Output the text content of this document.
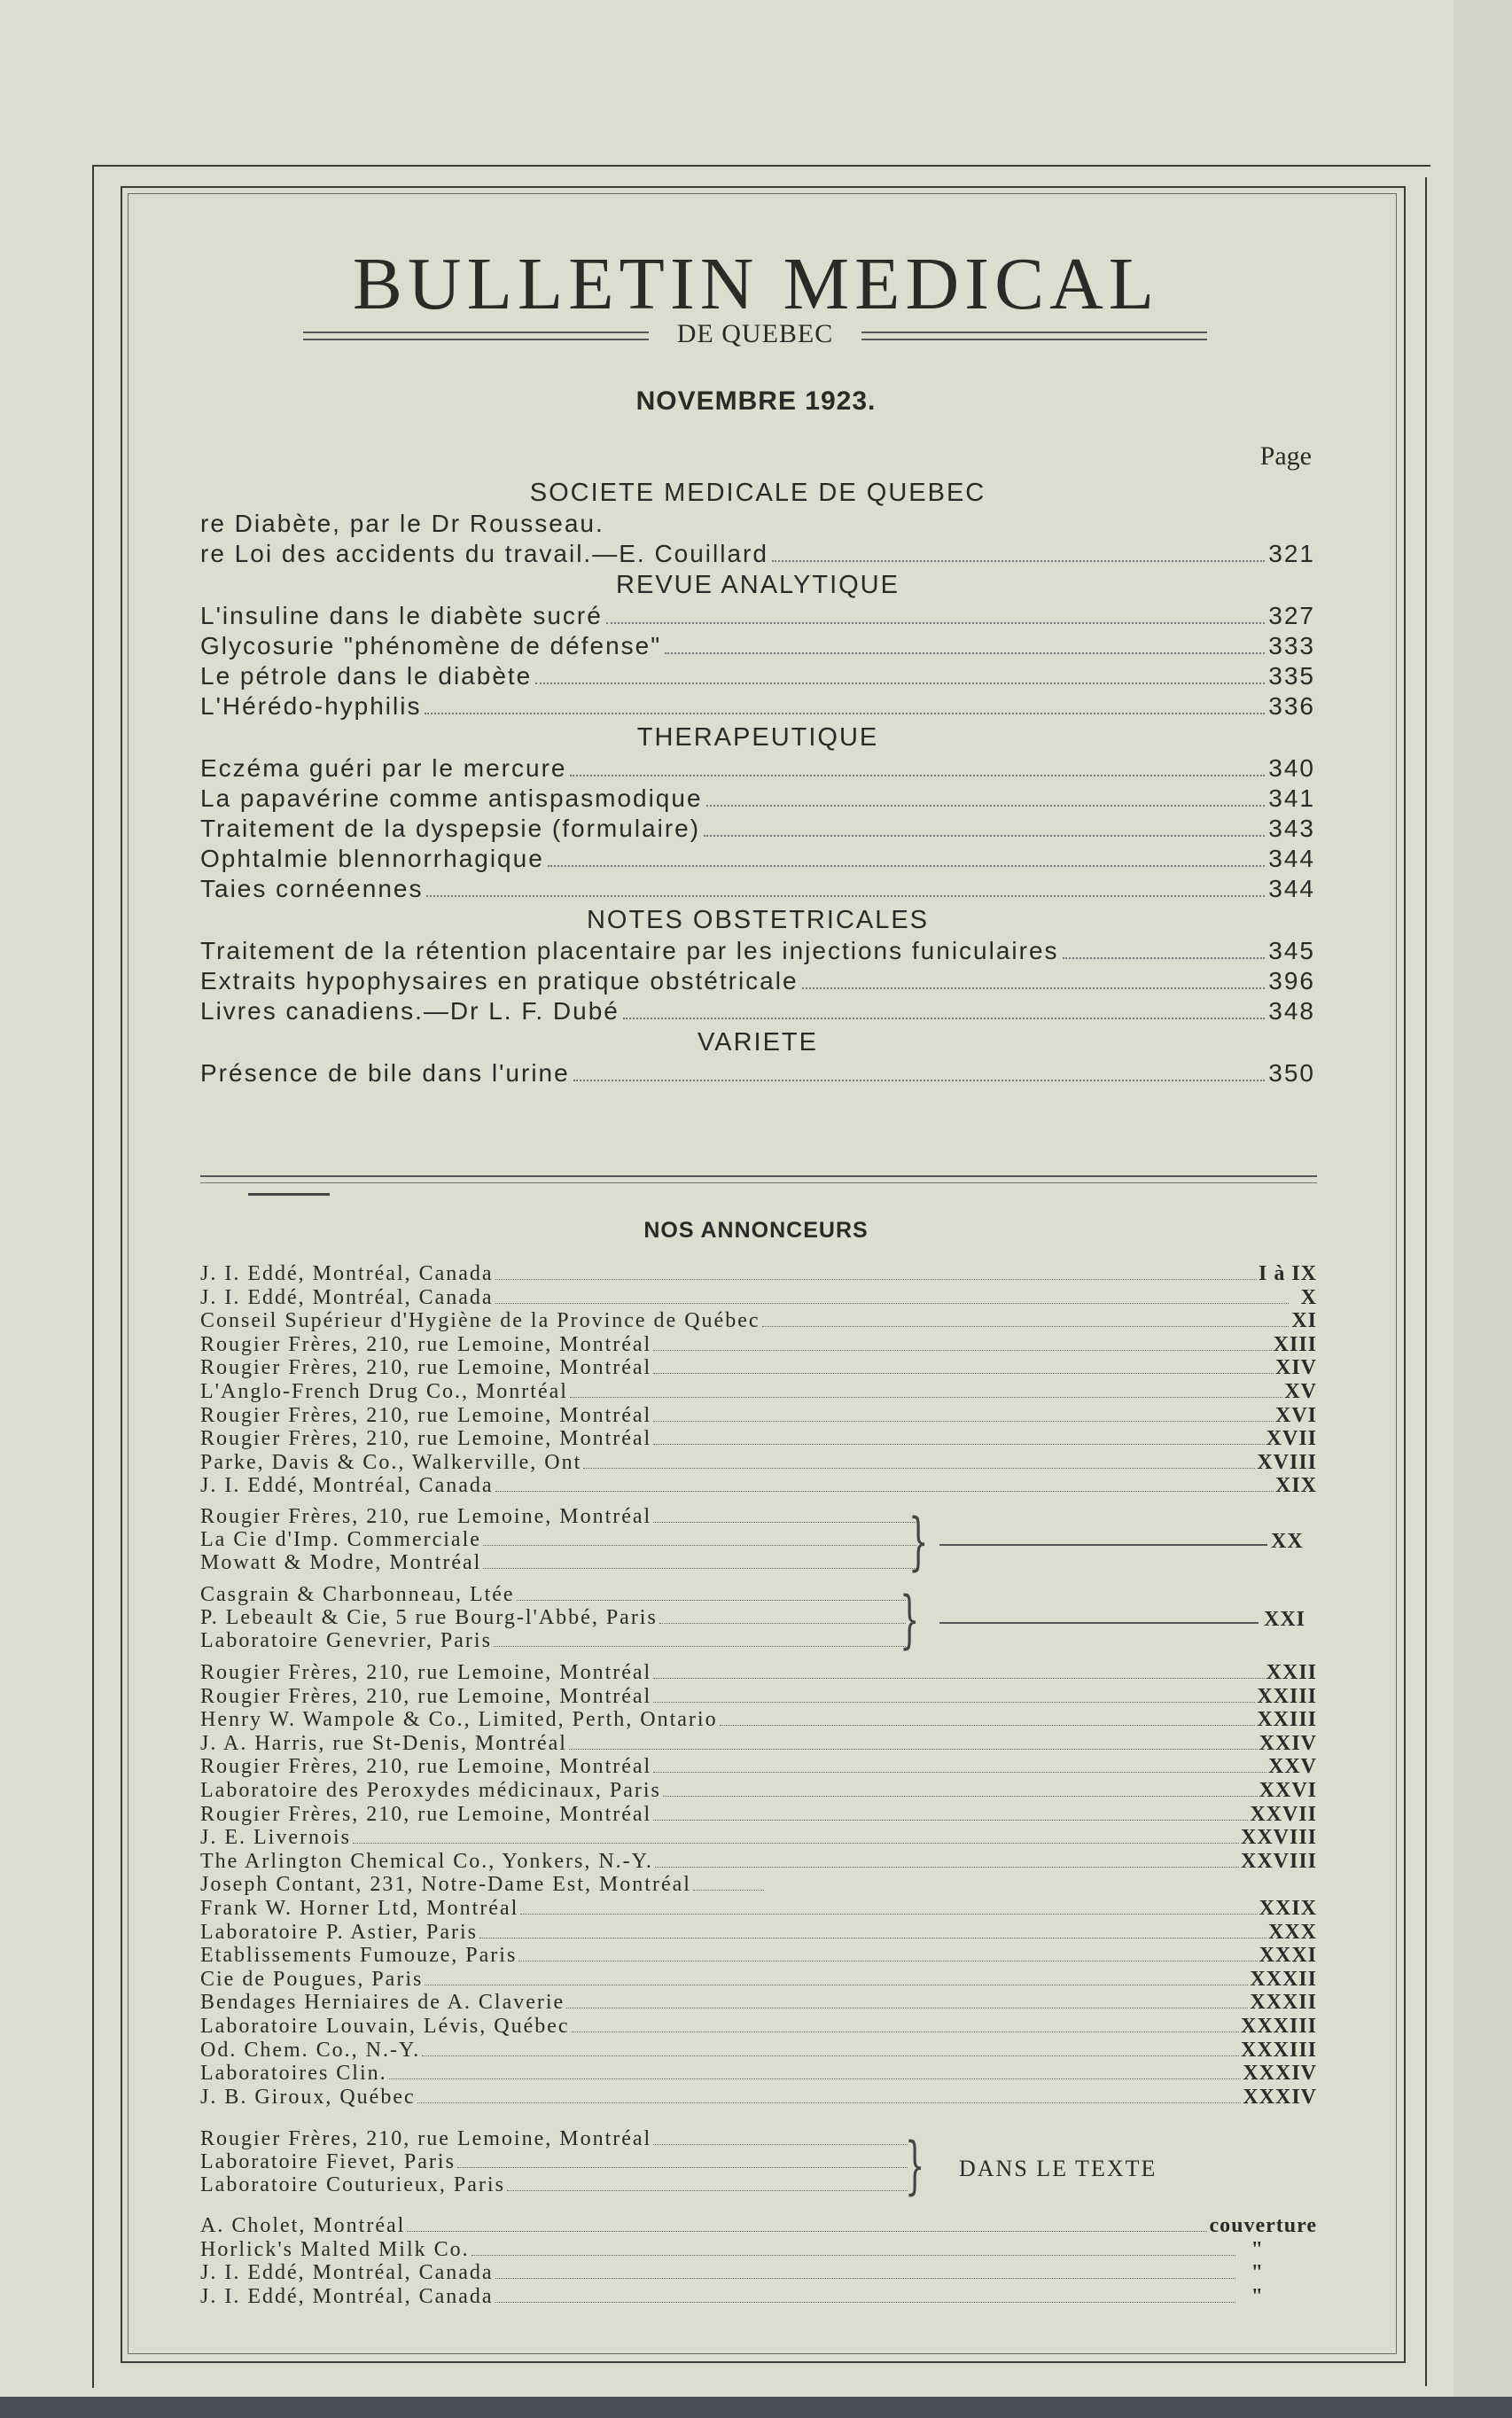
BULLETIN MEDICAL
DE QUEBEC
NOVEMBRE 1923.
Page
SOCIETE MEDICALE DE QUEBEC
re Diabète, par le Dr Rousseau.
re Loi des accidents du travail.—E. Couillard	321
REVUE ANALYTIQUE
L'insuline dans le diabète sucré	327
Glycosurie "phénomène de défense"	333
Le pétrole dans le diabète	335
L'Hérédo-hyphilis	336
THERAPEUTIQUE
Eczéma guéri par le mercure	340
La papavérine comme antispasmodique	341
Traitement de la dyspepsie (formulaire)	343
Ophtalmie blennorrhagique	344
Taies cornéennes	344
NOTES OBSTETRICALES
Traitement de la rétention placentaire par les injections funiculaires	345
Extraits hypophysaires en pratique obstétricale	396
Livres canadiens.—Dr L. F. Dubé	348
VARIETE
Présence de bile dans l'urine	350
NOS ANNONCEURS
J. I. Eddé, Montréal, Canada	I à IX
J. I. Eddé, Montréal, Canada	X
Conseil Supérieur d'Hygiène de la Province de Québec	XI
Rougier Frères, 210, rue Lemoine, Montréal	XIII
Rougier Frères, 210, rue Lemoine, Montréal	XIV
L'Anglo-French Drug Co., Monrtéal	XV
Rougier Frères, 210, rue Lemoine, Montréal	XVI
Rougier Frères, 210, rue Lemoine, Montréal	XVII
Parke, Davis & Co., Walkerville, Ont	XVIII
J. I. Eddé, Montréal, Canada	XIX
Rougier Frères, 210, rue Lemoine, Montréal
La Cie d'Imp. Commerciale
Mowatt & Modre, Montréal	}	XX
Casgrain & Charbonneau, Ltée
P. Lebeault & Cie, 5 rue Bourg-l'Abbé, Paris
Laboratoire Genevrier, Paris	}	XXI
Rougier Frères, 210, rue Lemoine, Montréal	XXII
Rougier Frères, 210, rue Lemoine, Montréal	XXIII
Henry W. Wampole & Co., Limited, Perth, Ontario	XXIII
J. A. Harris, rue St-Denis, Montréal	XXIV
Rougier Frères, 210, rue Lemoine, Montréal	XXV
Laboratoire des Peroxydes médicinaux, Paris	XXVI
Rougier Frères, 210, rue Lemoine, Montréal	XXVII
J. E. Livernois	XXVIII
The Arlington Chemical Co., Yonkers, N.-Y.	XXVIII
Joseph Contant, 231, Notre-Dame Est, Montréal
Frank W. Horner Ltd, Montréal	XXIX
Laboratoire P. Astier, Paris	XXX
Etablissements Fumouze, Paris	XXXI
Cie de Pougues, Paris	XXXII
Bendages Herniaires de A. Claverie	XXXII
Laboratoire Louvain, Lévis, Québec	XXXIII
Od. Chem. Co., N.-Y.	XXXIII
Laboratoires Clin.	XXXIV
J. B. Giroux, Québec	XXXIV
Rougier Frères, 210, rue Lemoine, Montréal
Laboratoire Fievet, Paris
Laboratoire Couturieux, Paris	} DANS LE TEXTE
A. Cholet, Montréal	couverture
Horlick's Malted Milk Co.	"
J. I. Eddé, Montréal, Canada	"
J. I. Eddé, Montréal, Canada	"
